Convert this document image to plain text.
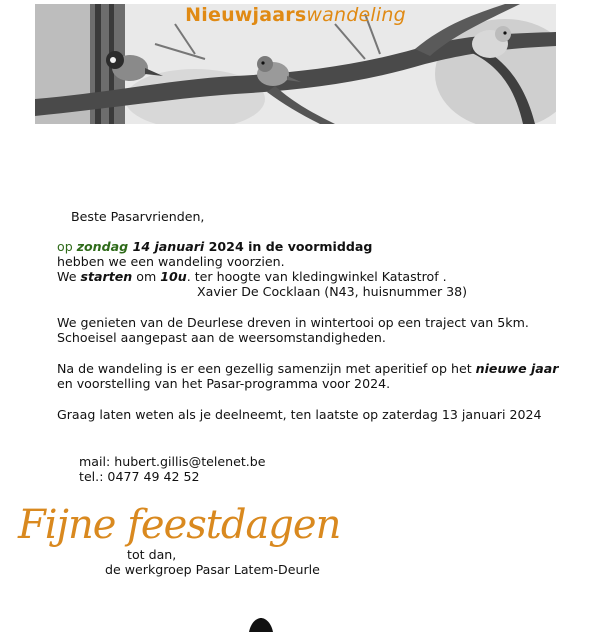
Nieuwjaarswandeling
Beste Pasarvrienden,
op zondag 14 januari 2024 in de voormiddag
hebben we een wandeling voorzien.
We starten om 10u. ter hoogte van kledingwinkel Katastrof .
Xavier De Cocklaan (N43, huisnummer 38)
We genieten van de Deurlese dreven in wintertooi op een traject van 5km.
Schoeisel aangepast aan de weersomstandigheden.
Na de wandeling is er een gezellig samenzijn met aperitief op het nieuwe jaar
en voorstelling van het Pasar-programma voor 2024.
Graag laten weten als je deelneemt, ten laatste op zaterdag 13 januari 2024
mail: hubert.gillis@telenet.be
tel.: 0477 49 42 52
Fijne feestdagen
tot dan,
de werkgroep Pasar Latem-Deurle
